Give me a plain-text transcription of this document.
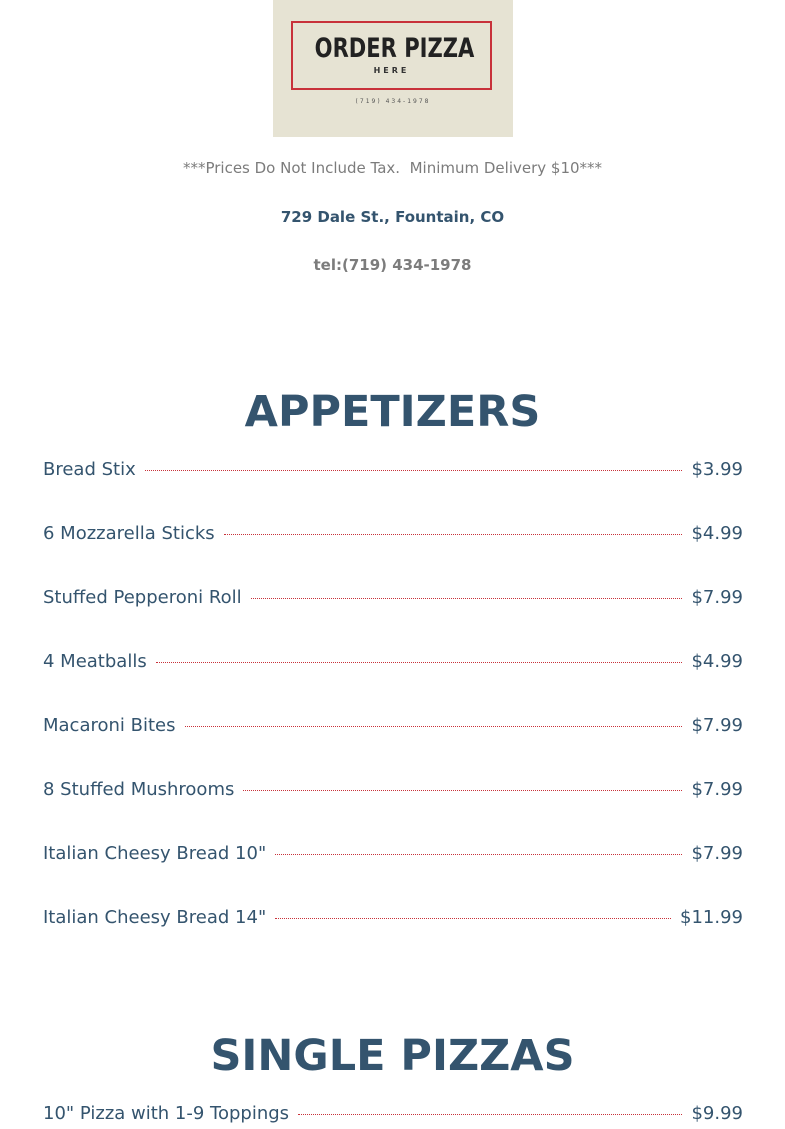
ORDER PIZZA
HERE
(719) 434-1978
***Prices Do Not Include Tax.  Minimum Delivery $10***
729 Dale St., Fountain, CO
tel:(719) 434-1978
APPETIZERS
Bread Stix	$3.99
6 Mozzarella Sticks	$4.99
Stuffed Pepperoni Roll	$7.99
4 Meatballs	$4.99
Macaroni Bites	$7.99
8 Stuffed Mushrooms	$7.99
Italian Cheesy Bread 10"	$7.99
Italian Cheesy Bread 14"	$11.99
SINGLE PIZZAS
10" Pizza with 1-9 Toppings	$9.99
